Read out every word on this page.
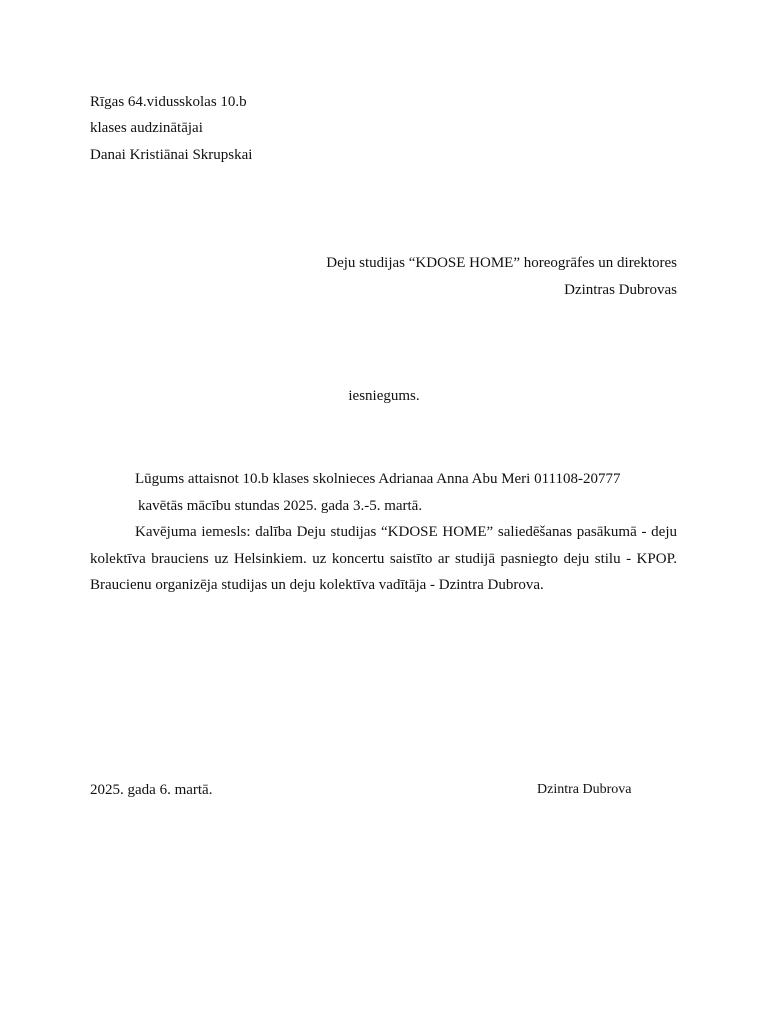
Rīgas 64.vidusskolas 10.b
klases audzinātājai
Danai Kristiānai Skrupskai
Deju studijas “KDOSE HOME” horeogrāfes un direktores
Dzintras Dubrovas
iesniegums.

Lūgums attaisnot 10.b klases skolnieces Adrianaa Anna Abu Meri 011108-20777

kavētās mācību stundas 2025. gada 3.-5. martā.

Kavējuma iemesls: dalība Deju studijas “KDOSE HOME” saliedēšanas pasākumā - deju kolektīva brauciens uz Helsinkiem. uz koncertu saistīto ar studijā pasniegto deju stilu - KPOP. Braucienu organizēja studijas un deju kolektīva vadītāja - Dzintra Dubrova.

2025. gada 6. martā.	Dzintra Dubrova
